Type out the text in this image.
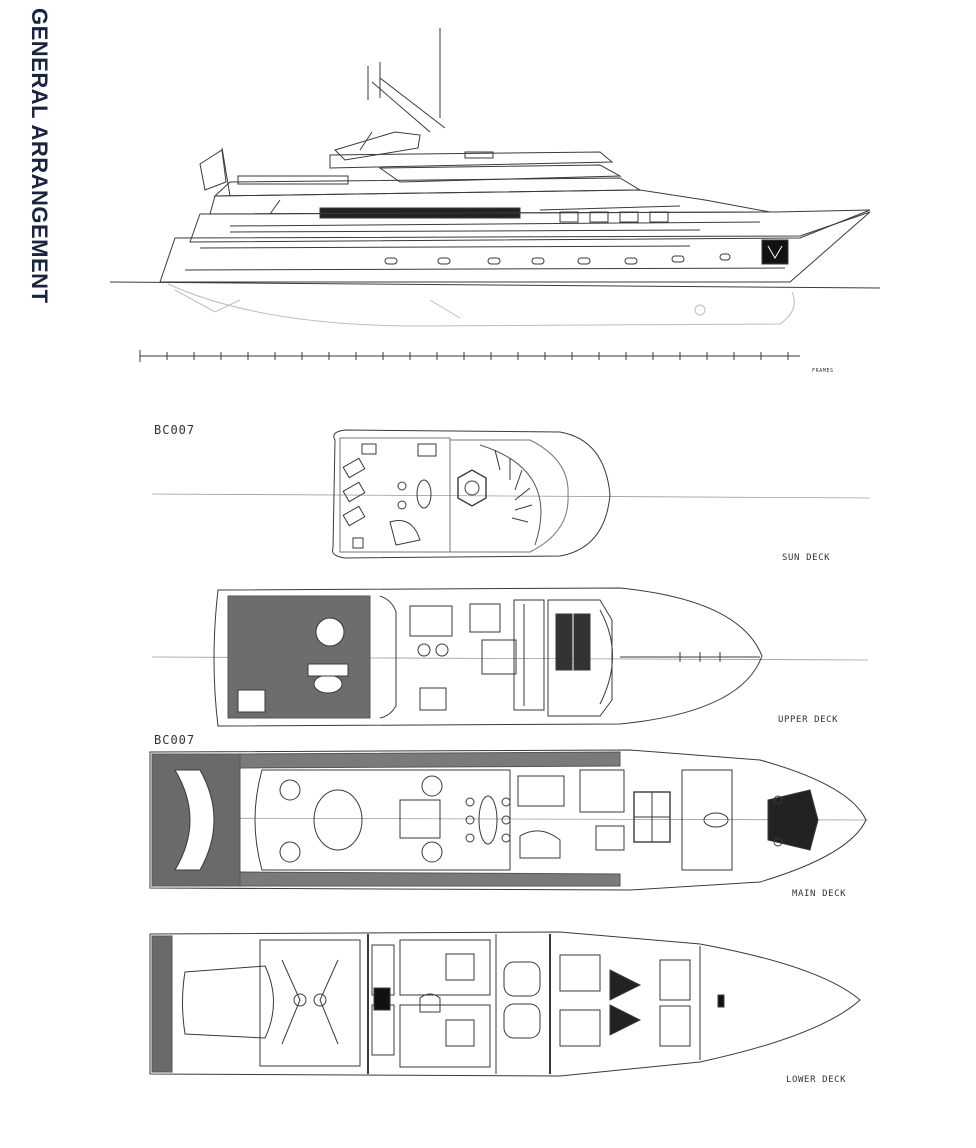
GENERAL ARRANGEMENT
BC007
BC007
SUN DECK
UPPER DECK
MAIN DECK
LOWER DECK
FRAMES
